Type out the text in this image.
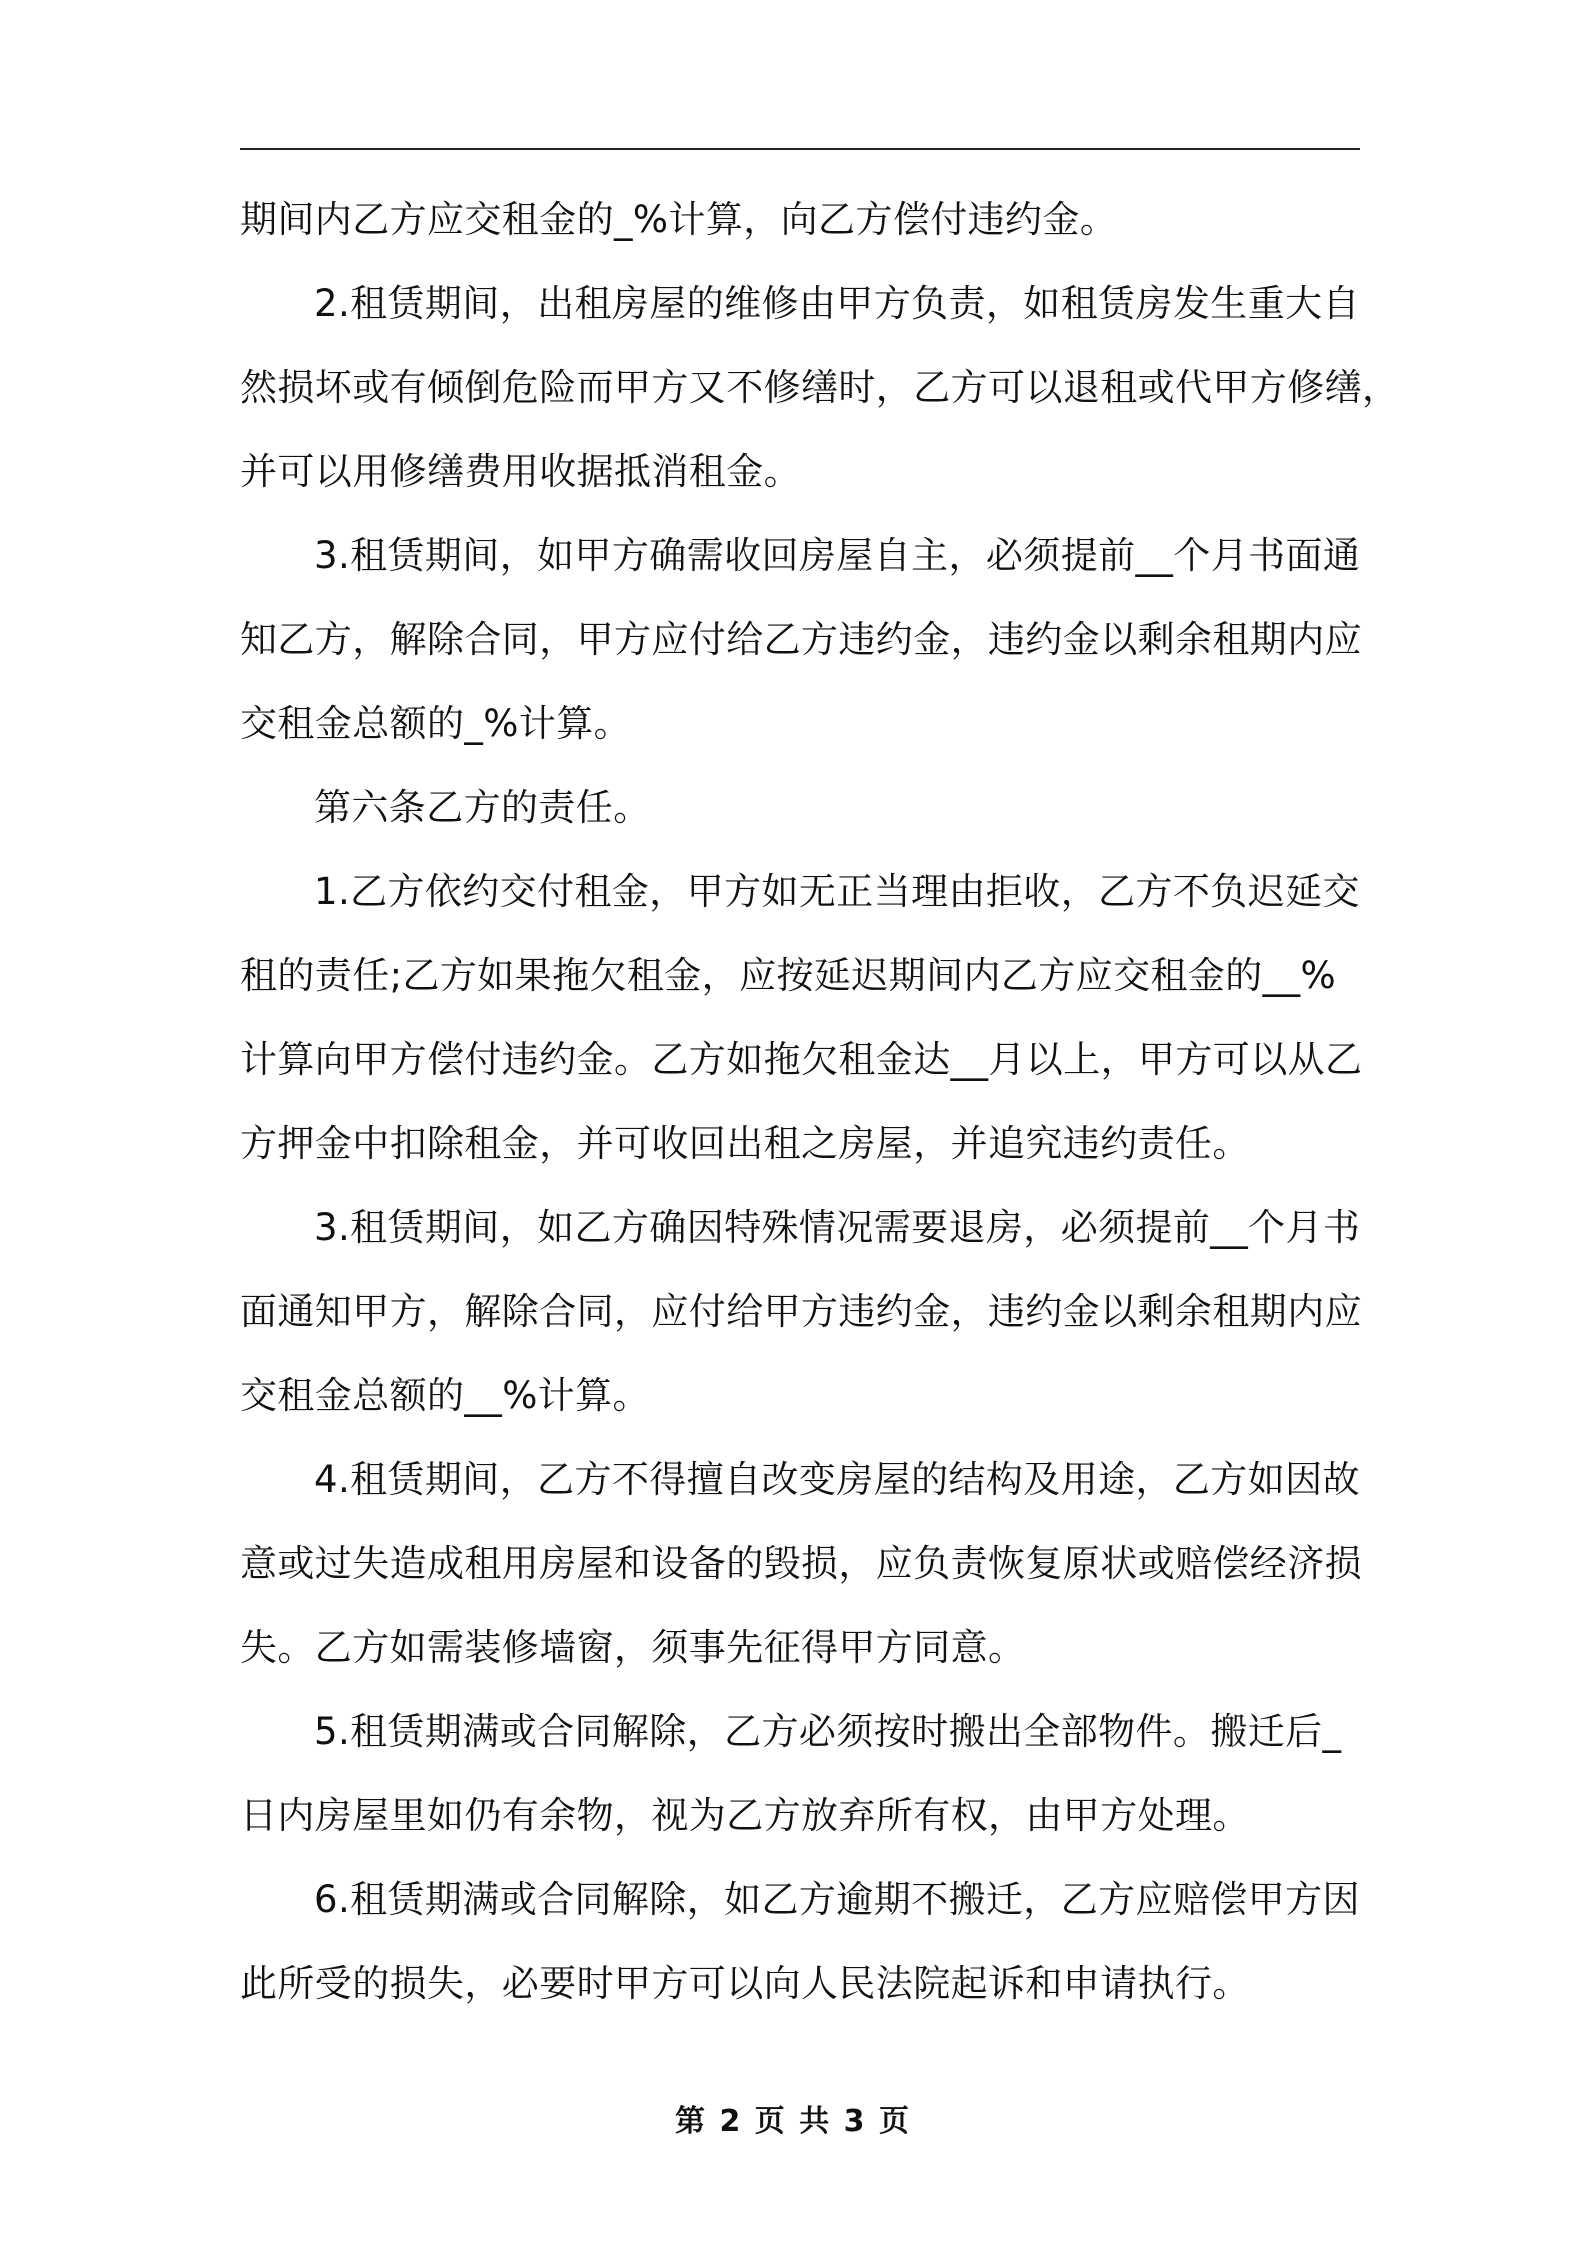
期间内乙方应交租金的_%计算，向乙方偿付违约金。
2.租赁期间，出租房屋的维修由甲方负责，如租赁房发生重大自
然损坏或有倾倒危险而甲方又不修缮时，乙方可以退租或代甲方修缮，
并可以用修缮费用收据抵消租金。
3.租赁期间，如甲方确需收回房屋自主，必须提前__个月书面通
知乙方，解除合同，甲方应付给乙方违约金，违约金以剩余租期内应
交租金总额的_%计算。
第六条乙方的责任。
1.乙方依约交付租金，甲方如无正当理由拒收，乙方不负迟延交
租的责任;乙方如果拖欠租金，应按延迟期间内乙方应交租金的__%
计算向甲方偿付违约金。乙方如拖欠租金达__月以上，甲方可以从乙
方押金中扣除租金，并可收回出租之房屋，并追究违约责任。
3.租赁期间，如乙方确因特殊情况需要退房，必须提前__个月书
面通知甲方，解除合同，应付给甲方违约金，违约金以剩余租期内应
交租金总额的__%计算。
4.租赁期间，乙方不得擅自改变房屋的结构及用途，乙方如因故
意或过失造成租用房屋和设备的毁损，应负责恢复原状或赔偿经济损
失。乙方如需装修墙窗，须事先征得甲方同意。
5.租赁期满或合同解除，乙方必须按时搬出全部物件。搬迁后_
日内房屋里如仍有余物，视为乙方放弃所有权，由甲方处理。
6.租赁期满或合同解除，如乙方逾期不搬迁，乙方应赔偿甲方因
此所受的损失，必要时甲方可以向人民法院起诉和申请执行。
第 2 页 共 3 页
